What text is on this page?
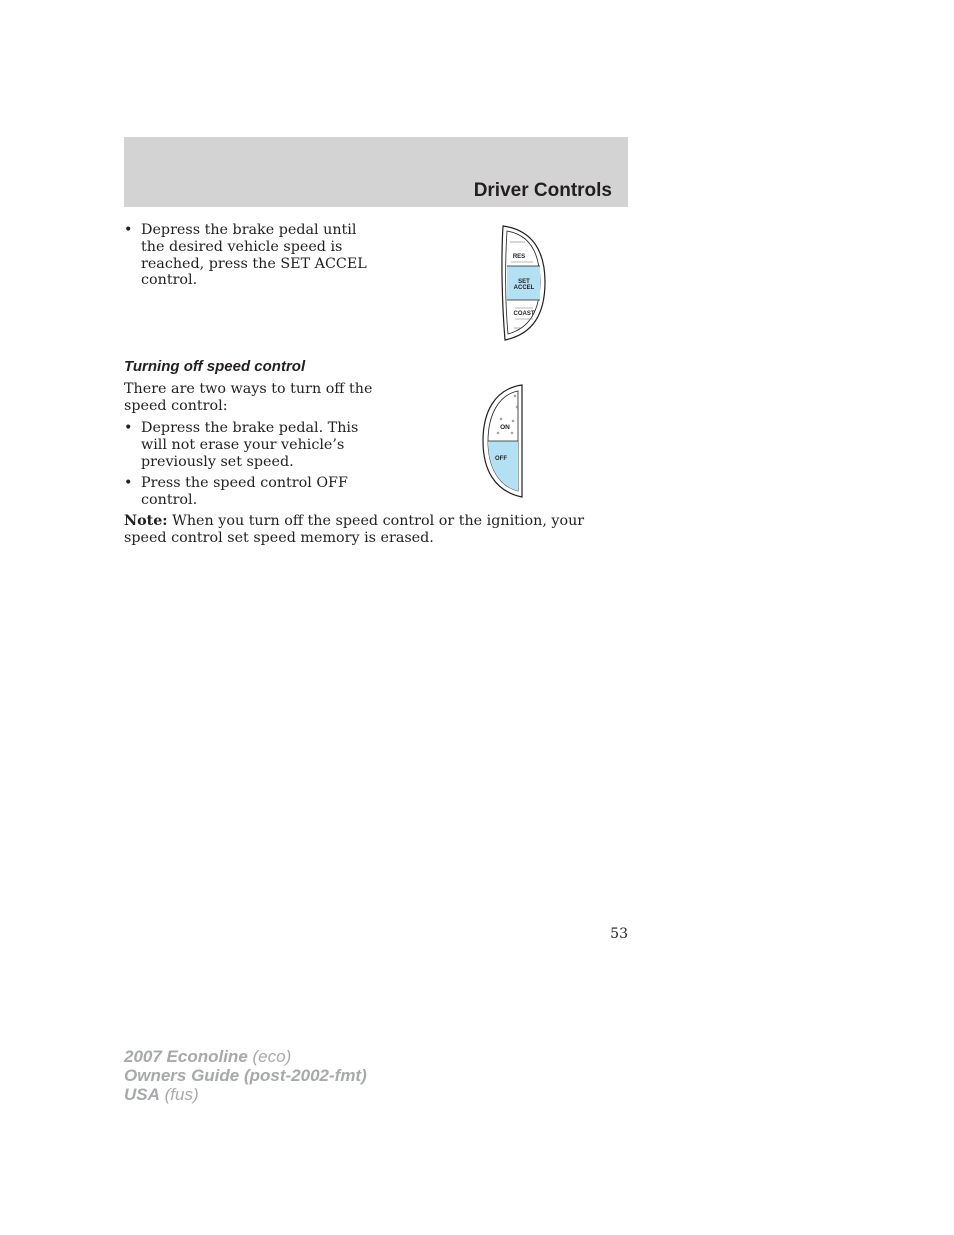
Driver Controls
• Depress the brake pedal until the desired vehicle speed is reached, press the SET ACCEL control.
RES
SET
ACCEL
COAST
Turning off speed control
There are two ways to turn off the speed control:
• Depress the brake pedal. This will not erase your vehicle’s previously set speed.
• Press the speed control OFF control.
ON
OFF
Note: When you turn off the speed control or the ignition, your speed control set speed memory is erased.
53
2007 Econoline (eco)
Owners Guide (post-2002-fmt)
USA (fus)
